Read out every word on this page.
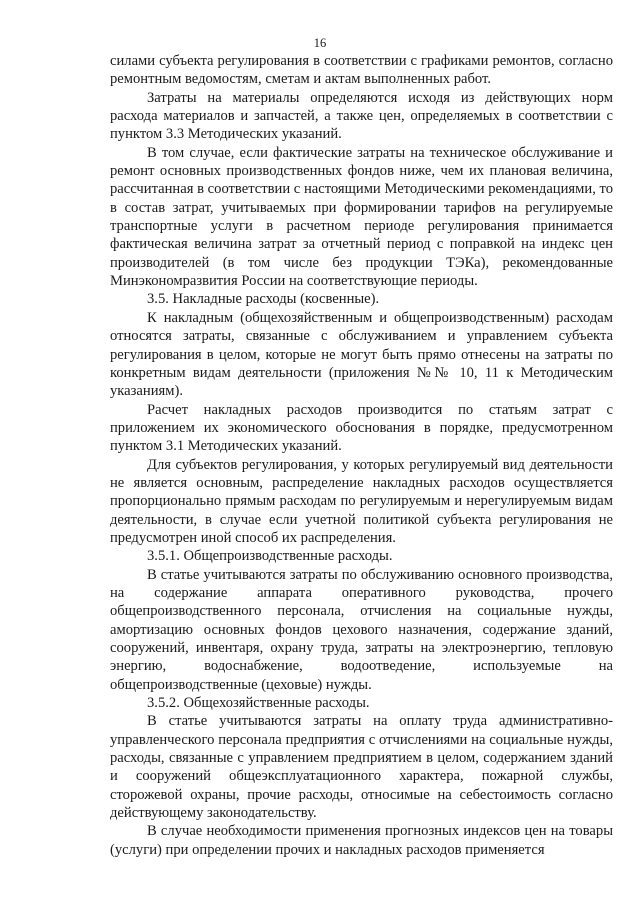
16

силами субъекта регулирования в соответствии с графиками ремонтов, согласно ремонтным ведомостям, сметам и актам выполненных работ.

Затраты на материалы определяются исходя из действующих норм расхода материалов и запчастей, а также цен, определяемых в соответствии с пунктом 3.3 Методических указаний.

В том случае, если фактические затраты на техническое обслуживание и ремонт основных производственных фондов ниже, чем их плановая величина, рассчитанная в соответствии с настоящими Методическими рекомендациями, то в состав затрат, учитываемых при формировании тарифов на регулируемые транспортные услуги в расчетном периоде регулирования принимается фактическая величина затрат за отчетный период с поправкой на индекс цен производителей (в том числе без продукции ТЭКа), рекомендованные Минэкономразвития России на соответствующие периоды.

3.5. Накладные расходы (косвенные).

К накладным (общехозяйственным и общепроизводственным) расходам относятся затраты, связанные с обслуживанием и управлением субъекта регулирования в целом, которые не могут быть прямо отнесены на затраты по конкретным видам деятельности (приложения №№ 10, 11 к Методическим указаниям).

Расчет накладных расходов производится по статьям затрат с приложением их экономического обоснования в порядке, предусмотренном пунктом 3.1 Методических указаний.

Для субъектов регулирования, у которых регулируемый вид деятельности не является основным, распределение накладных расходов осуществляется пропорционально прямым расходам по регулируемым и нерегулируемым видам деятельности, в случае если учетной политикой субъекта регулирования не предусмотрен иной способ их распределения.

3.5.1. Общепроизводственные расходы.

В статье учитываются затраты по обслуживанию основного производства, на содержание аппарата оперативного руководства, прочего общепроизводственного персонала, отчисления на социальные нужды, амортизацию основных фондов цехового назначения, содержание зданий, сооружений, инвентаря, охрану труда, затраты на электроэнергию, тепловую энергию, водоснабжение, водоотведение, используемые на общепроизводственные (цеховые) нужды.

3.5.2. Общехозяйственные расходы.

В статье учитываются затраты на оплату труда административно-управленческого персонала предприятия с отчислениями на социальные нужды, расходы, связанные с управлением предприятием в целом, содержанием зданий и сооружений общеэксплуатационного характера, пожарной службы, сторожевой охраны, прочие расходы, относимые на себестоимость согласно действующему законодательству.

В случае необходимости применения прогнозных индексов цен на товары (услуги) при определении прочих и накладных расходов применяется
